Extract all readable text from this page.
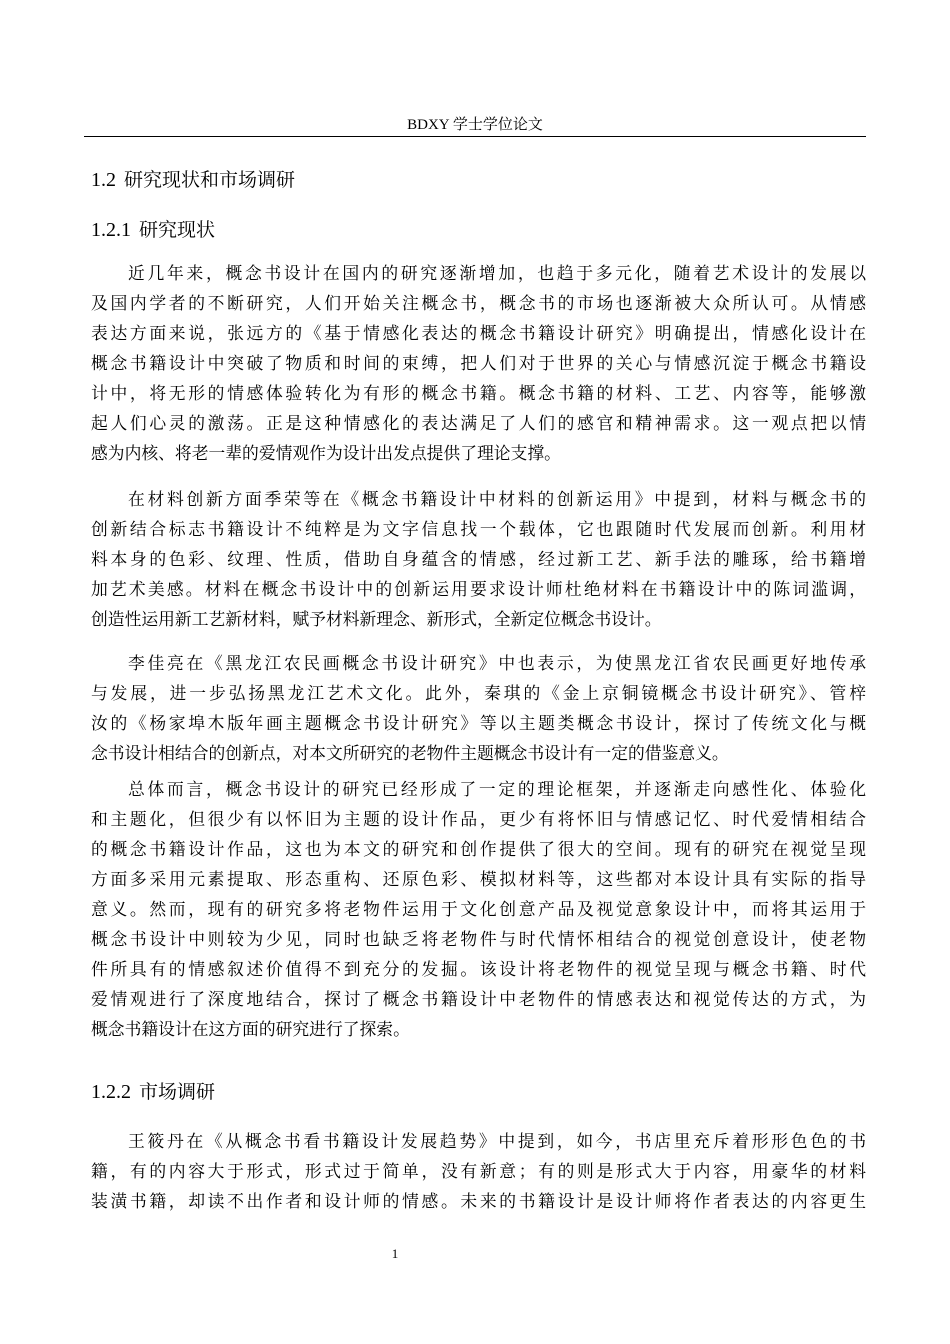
BDXY 学士学位论文
1.2 研究现状和市场调研
1.2.1 研究现状
近几年来，概念书设计在国内的研究逐渐增加，也趋于多元化，随着艺术设计的发展以
及国内学者的不断研究，人们开始关注概念书，概念书的市场也逐渐被大众所认可。从情感
表达方面来说，张远方的《基于情感化表达的概念书籍设计研究》明确提出，情感化设计在
概念书籍设计中突破了物质和时间的束缚，把人们对于世界的关心与情感沉淀于概念书籍设
计中，将无形的情感体验转化为有形的概念书籍。概念书籍的材料、工艺、内容等，能够激
起人们心灵的激荡。正是这种情感化的表达满足了人们的感官和精神需求。这一观点把以情
感为内核、将老一辈的爱情观作为设计出发点提供了理论支撑。
在材料创新方面季荣等在《概念书籍设计中材料的创新运用》中提到，材料与概念书的
创新结合标志书籍设计不纯粹是为文字信息找一个载体，它也跟随时代发展而创新。利用材
料本身的色彩、纹理、性质，借助自身蕴含的情感，经过新工艺、新手法的雕琢，给书籍增
加艺术美感。材料在概念书设计中的创新运用要求设计师杜绝材料在书籍设计中的陈词滥调，
创造性运用新工艺新材料，赋予材料新理念、新形式，全新定位概念书设计。
李佳亮在《黑龙江农民画概念书设计研究》中也表示，为使黑龙江省农民画更好地传承
与发展，进一步弘扬黑龙江艺术文化。此外，秦琪的《金上京铜镜概念书设计研究》、管梓
汝的《杨家埠木版年画主题概念书设计研究》等以主题类概念书设计，探讨了传统文化与概
念书设计相结合的创新点，对本文所研究的老物件主题概念书设计有一定的借鉴意义。
总体而言，概念书设计的研究已经形成了一定的理论框架，并逐渐走向感性化、体验化
和主题化，但很少有以怀旧为主题的设计作品，更少有将怀旧与情感记忆、时代爱情相结合
的概念书籍设计作品，这也为本文的研究和创作提供了很大的空间。现有的研究在视觉呈现
方面多采用元素提取、形态重构、还原色彩、模拟材料等，这些都对本设计具有实际的指导
意义。然而，现有的研究多将老物件运用于文化创意产品及视觉意象设计中，而将其运用于
概念书设计中则较为少见，同时也缺乏将老物件与时代情怀相结合的视觉创意设计，使老物
件所具有的情感叙述价值得不到充分的发掘。该设计将老物件的视觉呈现与概念书籍、时代
爱情观进行了深度地结合，探讨了概念书籍设计中老物件的情感表达和视觉传达的方式，为
概念书籍设计在这方面的研究进行了探索。
1.2.2 市场调研
王筱丹在《从概念书看书籍设计发展趋势》中提到，如今，书店里充斥着形形色色的书
籍，有的内容大于形式，形式过于简单，没有新意；有的则是形式大于内容，用豪华的材料
装潢书籍，却读不出作者和设计师的情感。未来的书籍设计是设计师将作者表达的内容更生
1
